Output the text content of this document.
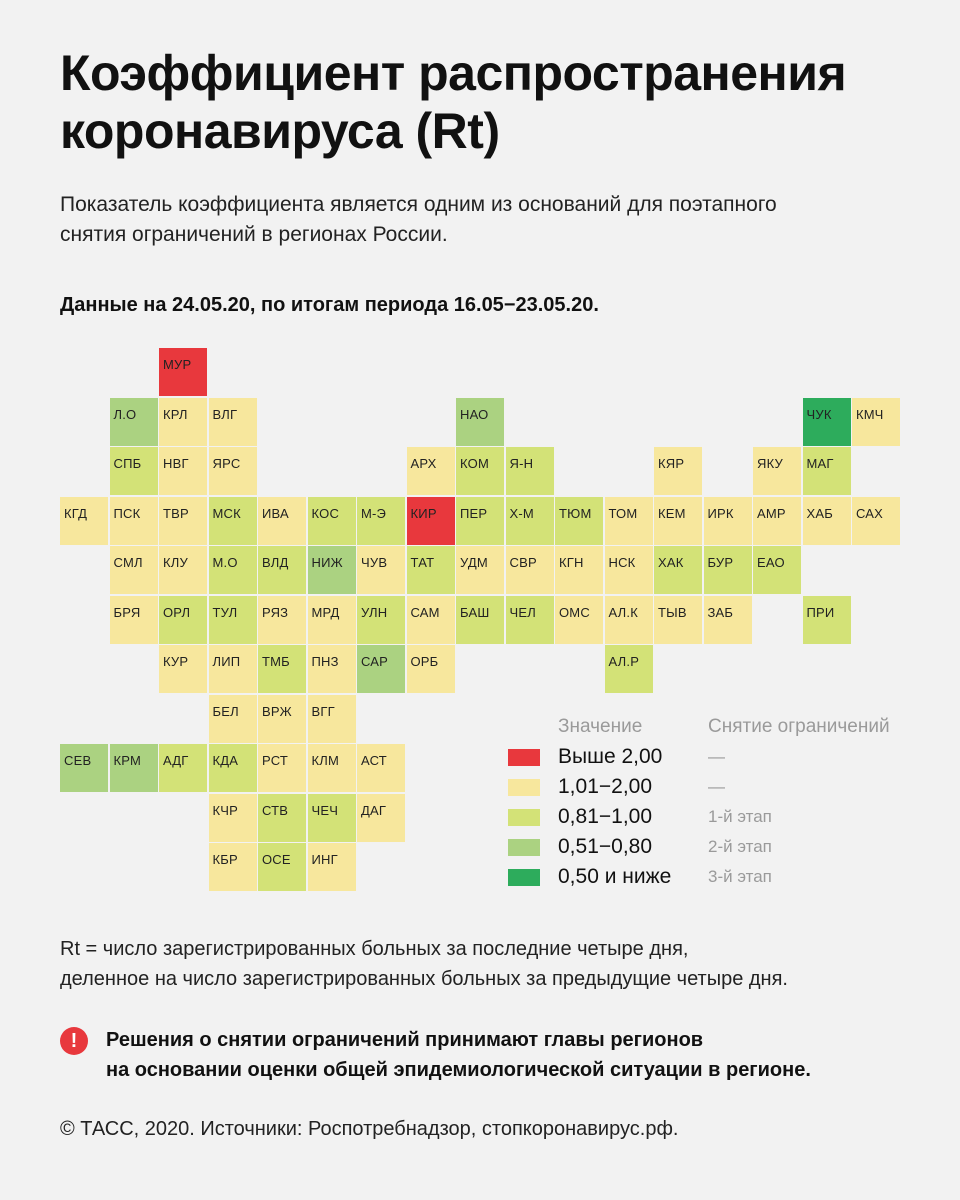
Коэффициент распространения
коронавируса (Rt)
Показатель коэффициента является одним из оснований для поэтапного
снятия ограничений в регионах России.
Данные на 24.05.20, по итогам периода 16.05−23.05.20.
МУР
Л.О	КРЛ	ВЛГ	НАО	ЧУК	КМЧ
СПБ	НВГ	ЯРС	АРХ	КОМ	Я-Н	КЯР	ЯКУ	МАГ
КГД	ПСК	ТВР	МСК	ИВА	КОС	М-Э	КИР	ПЕР	Х-М	ТЮМ	ТОМ	КЕМ	ИРК	АМР	ХАБ	САХ
СМЛ	КЛУ	М.О	ВЛД	НИЖ	ЧУВ	ТАТ	УДМ	СВР	КГН	НСК	ХАК	БУР	ЕАО
БРЯ	ОРЛ	ТУЛ	РЯЗ	МРД	УЛН	САМ	БАШ	ЧЕЛ	ОМС	АЛ.К	ТЫВ	ЗАБ	ПРИ
КУР	ЛИП	ТМБ	ПНЗ	САР	ОРБ	АЛ.Р
БЕЛ	ВРЖ	ВГГ
СЕВ	КРМ	АДГ	КДА	РСТ	КЛМ	АСТ
КЧР	СТВ	ЧЕЧ	ДАГ
КБР	ОСЕ	ИНГ
Значение	Снятие ограничений
Выше 2,00	—
1,01−2,00	—
0,81−1,00	1-й этап
0,51−0,80	2-й этап
0,50 и ниже 3-й этап
Rt = число зарегистрированных больных за последние четыре дня,
деленное на число зарегистрированных больных за предыдущие четыре дня.
!	Решения о снятии ограничений принимают главы регионов
на основании оценки общей эпидемиологической ситуации в регионе.
© ТАСС, 2020. Источники: Роспотребнадзор, стопкоронавирус.рф.
